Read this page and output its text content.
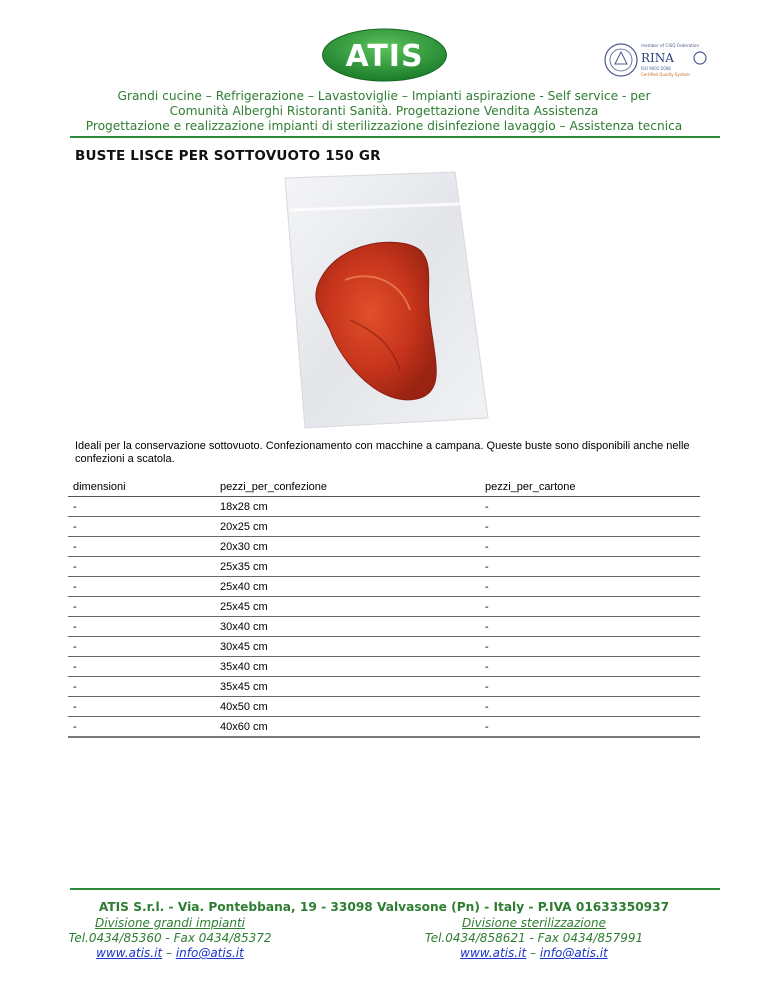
ATIS	member of CISQ Federation
RINA
ISO 9001:2008
Certified Quality System

Grandi cucine – Refrigerazione – Lavastoviglie – Impianti aspirazione - Self service - per

Comunità Alberghi Ristoranti Sanità. Progettazione Vendita Assistenza

Progettazione e realizzazione impianti di sterilizzazione disinfezione lavaggio – Assistenza tecnica

BUSTE LISCE PER SOTTOVUOTO 150 GR

Ideali per la conservazione sottovuoto. Confezionamento con macchine a campana. Queste buste sono disponibili anche nelle confezioni a scatola.

dimensioni	pezzi_per_confezione	pezzi_per_cartone
-	18x28 cm	-
-	20x25 cm	-
-	20x30 cm	-
-	25x35 cm	-
-	25x40 cm	-
-	25x45 cm	-
-	30x40 cm	-
-	30x45 cm	-
-	35x40 cm	-
-	35x45 cm	-
-	40x50 cm	-
-	40x60 cm	-

ATIS S.r.l. - Via. Pontebbana, 19 - 33098 Valvasone (Pn) - Italy - P.IVA 01633350937

Divisione grandi impianti
Tel.0434/85360 - Fax 0434/85372
www.atis.it – info@atis.it
Divisione sterilizzazione
Tel.0434/858621 - Fax 0434/857991
www.atis.it – info@atis.it
